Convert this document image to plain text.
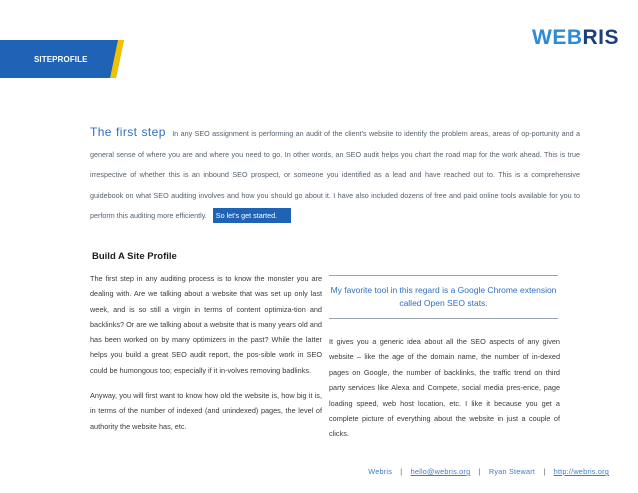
SITEPROFILE
WEB RIS
The first step In any SEO assignment is performing an audit of the client's website to identify the problem areas, areas of op-portunity and a general sense of where you are and where you need to go. In other words, an SEO audit helps you chart the road map for the work ahead. This is true irrespective of whether this is an inbound SEO prospect, or someone you identified as a lead and have reached out to. This is a comprehensive guidebook on what SEO auditing involves and how you should go about it. I have also included dozens of free and paid online tools available for you to perform this auditing more efficiently. So let's get started.
Build A Site Profile

The first step in any auditing process is to know the monster you are dealing with. Are we talking about a website that was set up only last week, and is so still a virgin in terms of content optimiza-tion and backlinks? Or are we talking about a website that is many years old and has been worked on by many optimizers in the past? While the latter helps you build a great SEO audit report, the pos-sible work in SEO could be humongous too; especially if it in-volves removing badlinks.

Anyway, you will first want to know how old the website is, how big it is, in terms of the number of indexed (and unindexed) pages, the level of authority the website has, etc.

My favorite tool in this regard is a Google Chrome extension called Open SEO stats.
It gives you a generic idea about all the SEO aspects of any given website – like the age of the domain name, the number of in-dexed pages on Google, the number of backlinks, the traffic trend on third party services like Alexa and Compete, social media pres-ence, page loading speed, web host location, etc. I like it because you get a complete picture of everything about the website in just a couple of clicks.
Webris | hello@webris.org | Ryan Stewart | http://webris.org
